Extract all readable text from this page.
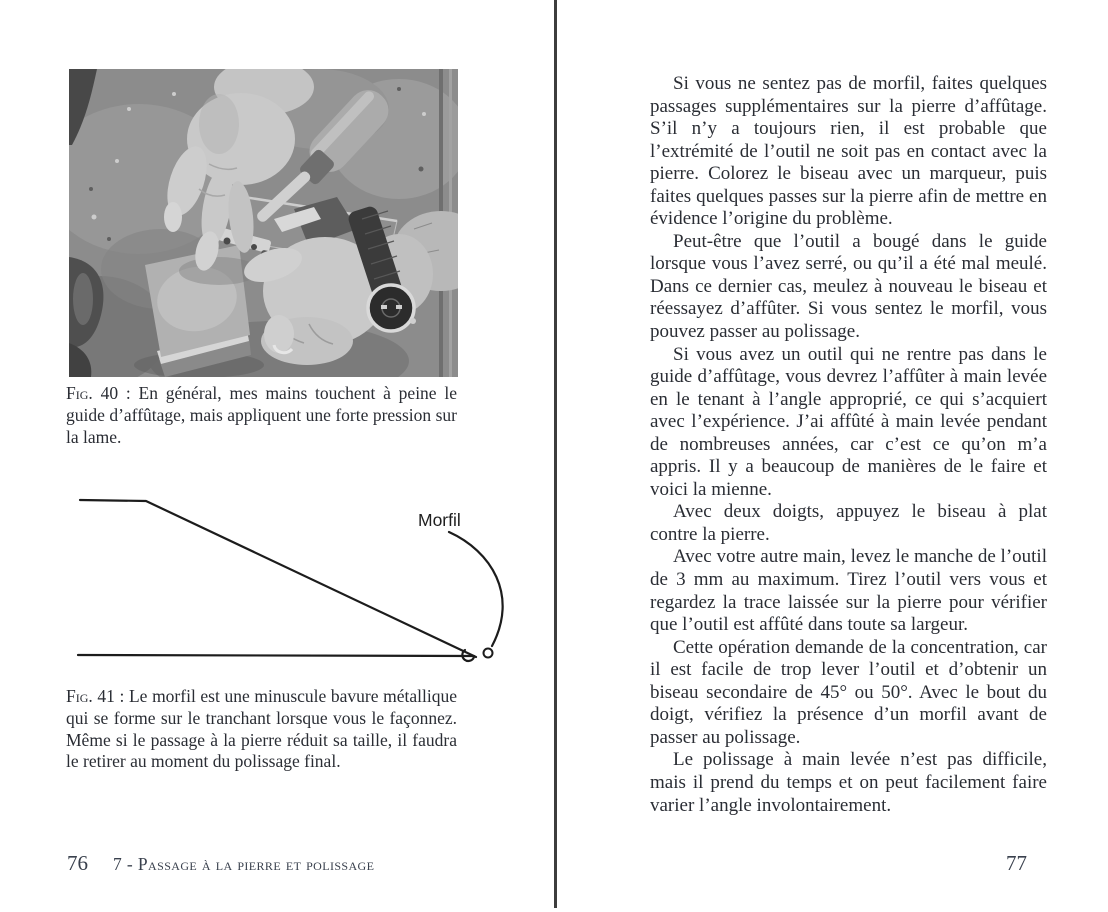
Fig. 40 : En général, mes mains touchent à peine le guide d’affûtage, mais appliquent une forte pression sur la lame.

Morfil

Fig. 41 : Le morfil est une minuscule bavure métallique qui se forme sur le tranchant lorsque vous le façonnez. Même si le passage à la pierre réduit sa taille, il faudra le retirer au moment du polissage final.

76 7 - Passage à la pierre et polissage

Si vous ne sentez pas de morfil, faites quelques passages supplémentaires sur la pierre d’affûtage. S’il n’y a toujours rien, il est probable que l’extrémité de l’outil ne soit pas en contact avec la pierre. Colorez le biseau avec un marqueur, puis faites quelques passes sur la pierre afin de mettre en évidence l’origine du problème.

Peut-être que l’outil a bougé dans le guide lorsque vous l’avez serré, ou qu’il a été mal meulé. Dans ce dernier cas, meulez à nouveau le biseau et réessayez d’affûter. Si vous sentez le morfil, vous pouvez passer au polissage.

Si vous avez un outil qui ne rentre pas dans le guide d’affûtage, vous devrez l’affûter à main levée en le tenant à l’angle approprié, ce qui s’acquiert avec l’expérience. J’ai affûté à main levée pendant de nombreuses années, car c’est ce qu’on m’a appris. Il y a beaucoup de manières de le faire et voici la mienne.

Avec deux doigts, appuyez le biseau à plat contre la pierre.

Avec votre autre main, levez le manche de l’outil de 3 mm au maximum. Tirez l’outil vers vous et regardez la trace laissée sur la pierre pour vérifier que l’outil est affûté dans toute sa largeur.

Cette opération demande de la concentration, car il est facile de trop lever l’outil et d’obtenir un biseau secondaire de 45° ou 50°. Avec le bout du doigt, vérifiez la présence d’un morfil avant de passer au polissage.

Le polissage à main levée n’est pas difficile, mais il prend du temps et on peut facilement faire varier l’angle involontairement.

77
